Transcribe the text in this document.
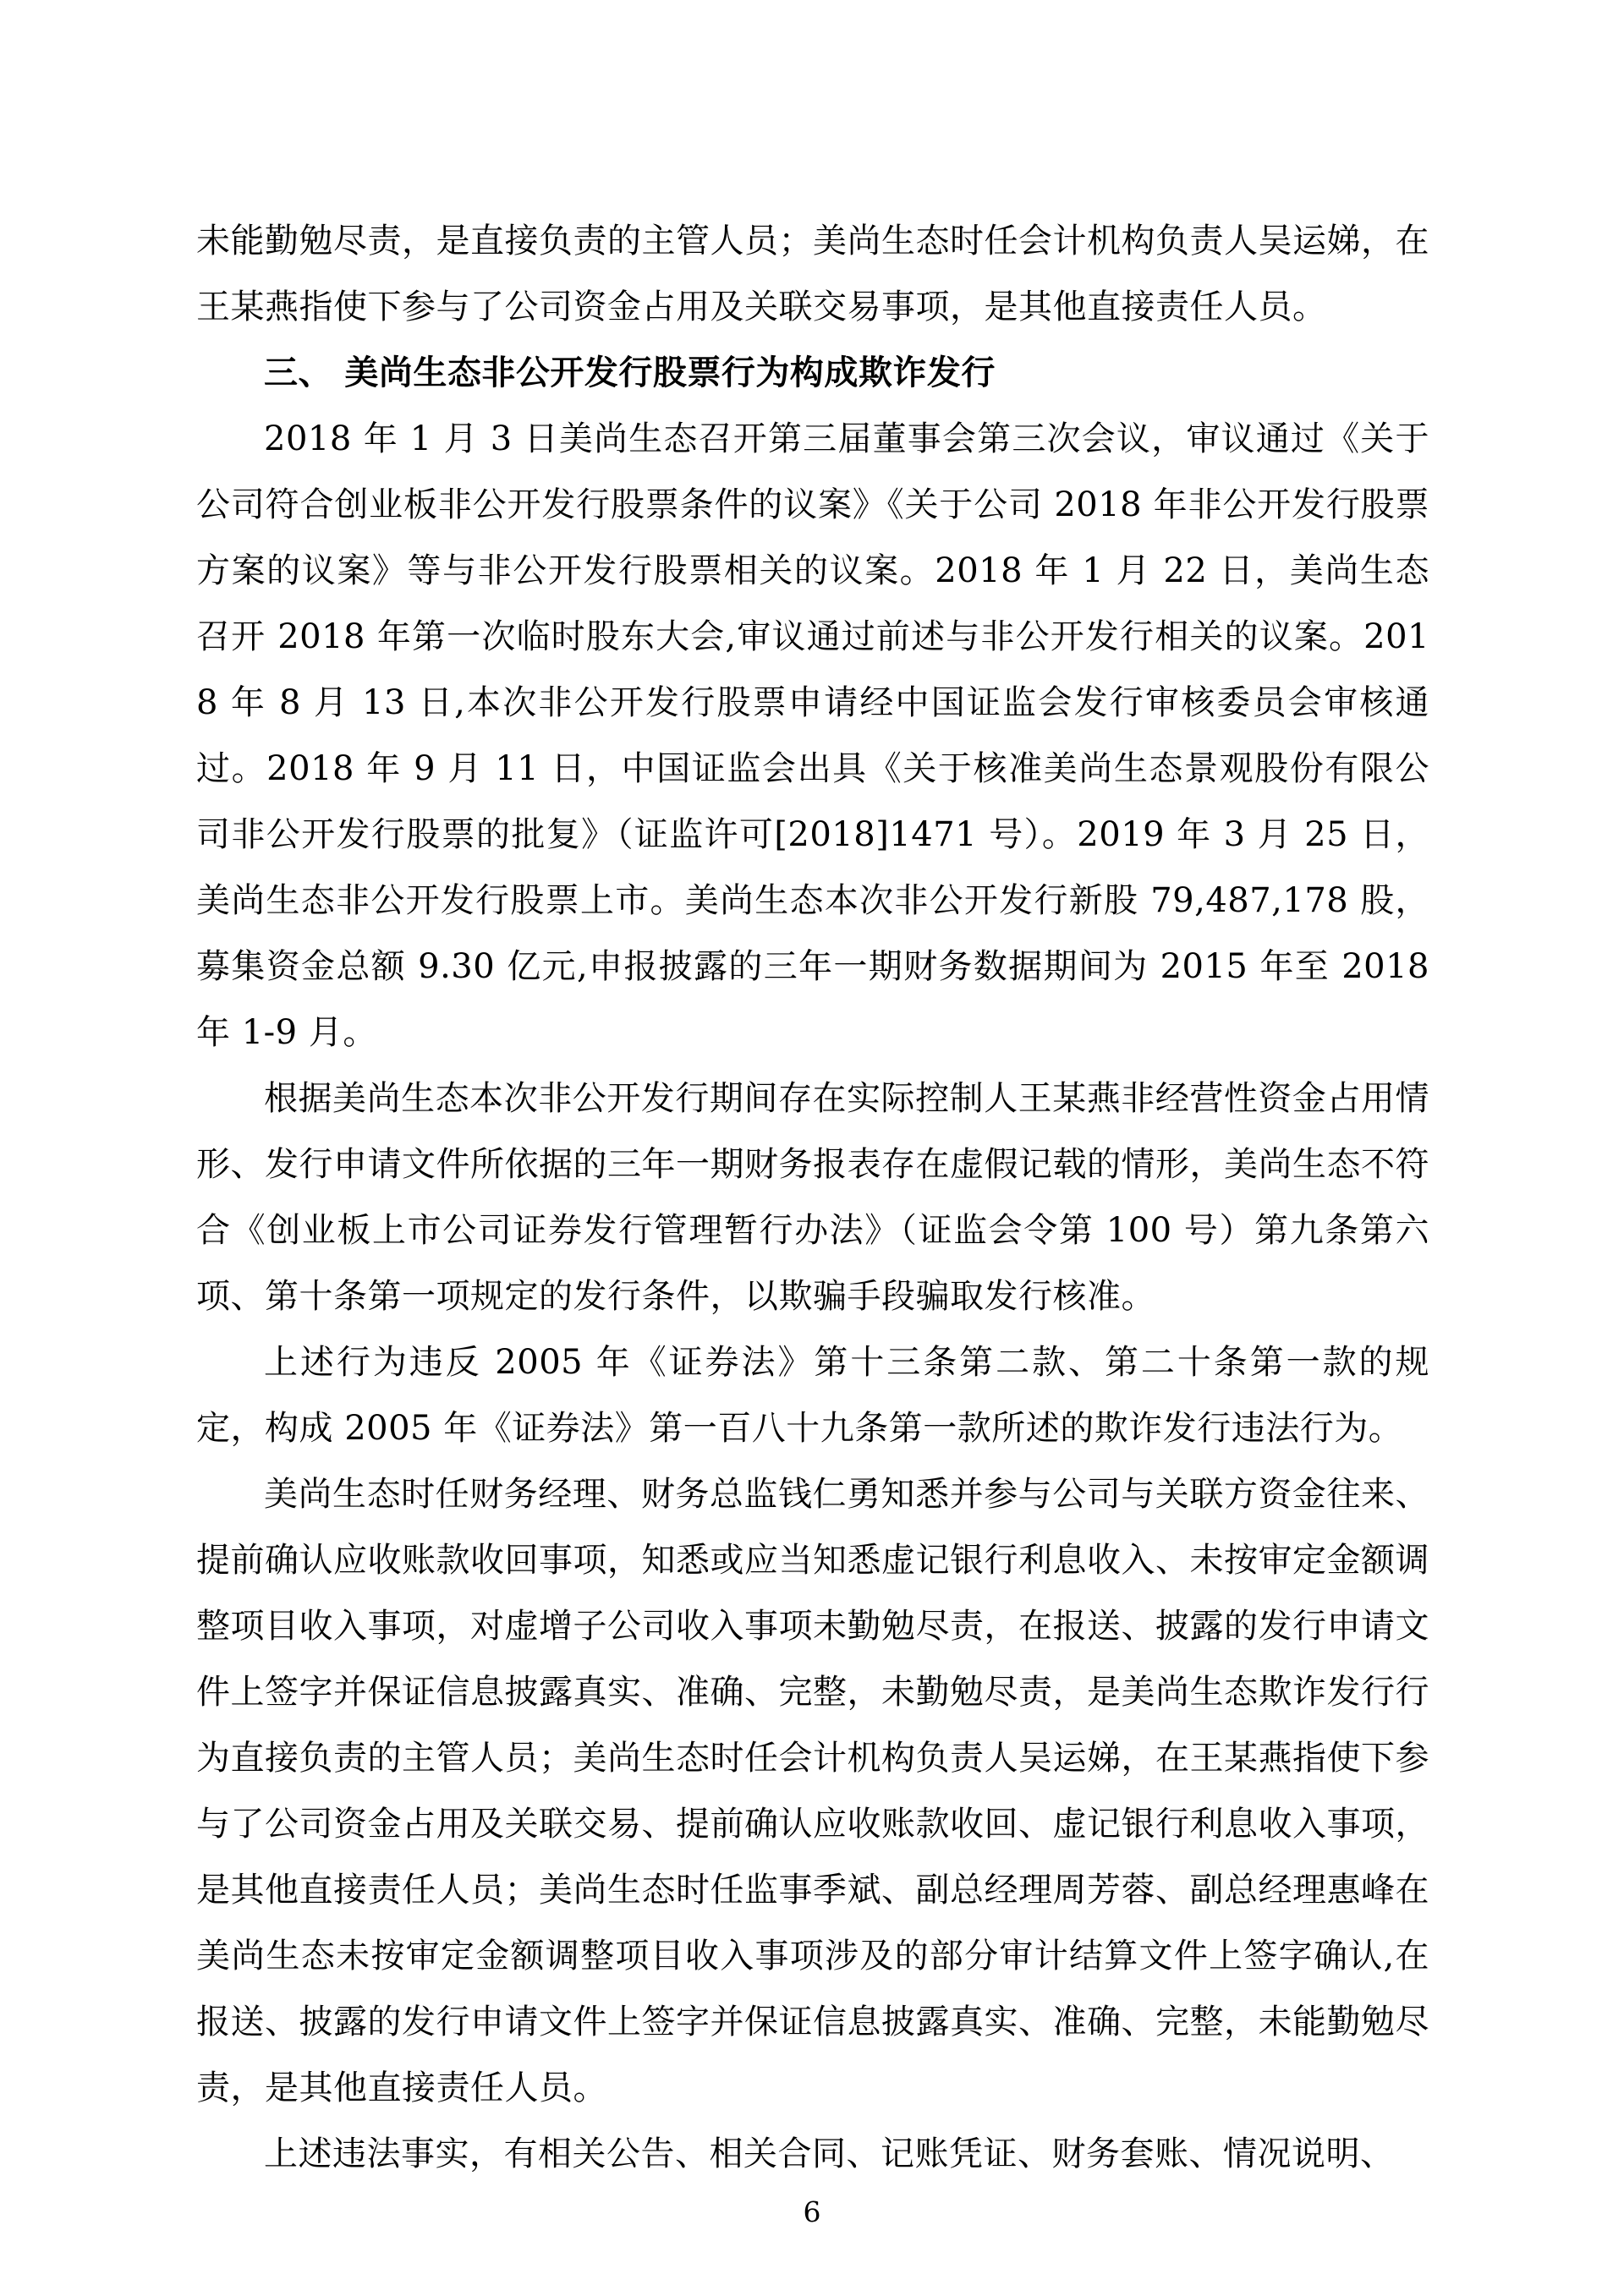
未能勤勉尽责，是直接负责的主管人员；美尚生态时任会计机构负责人吴运娣，在王某燕指使下参与了公司资金占用及关联交易事项，是其他直接责任人员。

三、 美尚生态非公开发行股票行为构成欺诈发行

2018 年 1 月 3 日美尚生态召开第三届董事会第三次会议，审议通过《关于公司符合创业板非公开发行股票条件的议案》《关于公司 2018 年非公开发行股票方案的议案》等与非公开发行股票相关的议案。2018 年 1 月 22 日，美尚生态召开 2018 年第一次临时股东大会,审议通过前述与非公开发行相关的议案。2018 年 8 月 13 日,本次非公开发行股票申请经中国证监会发行审核委员会审核通过。2018 年 9 月 11 日，中国证监会出具《关于核准美尚生态景观股份有限公司非公开发行股票的批复》（证监许可[2018]1471 号）。2019 年 3 月 25 日，美尚生态非公开发行股票上市。美尚生态本次非公开发行新股 79,487,178 股，募集资金总额 9.30 亿元,申报披露的三年一期财务数据期间为 2015 年至 2018 年 1-9 月。

根据美尚生态本次非公开发行期间存在实际控制人王某燕非经营性资金占用情形、发行申请文件所依据的三年一期财务报表存在虚假记载的情形，美尚生态不符合《创业板上市公司证券发行管理暂行办法》（证监会令第 100 号）第九条第六项、第十条第一项规定的发行条件，以欺骗手段骗取发行核准。

上述行为违反 2005 年《证券法》第十三条第二款、第二十条第一款的规定，构成 2005 年《证券法》第一百八十九条第一款所述的欺诈发行违法行为。

美尚生态时任财务经理、财务总监钱仁勇知悉并参与公司与关联方资金往来、提前确认应收账款收回事项，知悉或应当知悉虚记银行利息收入、未按审定金额调整项目收入事项，对虚增子公司收入事项未勤勉尽责，在报送、披露的发行申请文件上签字并保证信息披露真实、准确、完整，未勤勉尽责，是美尚生态欺诈发行行为直接负责的主管人员；美尚生态时任会计机构负责人吴运娣，在王某燕指使下参与了公司资金占用及关联交易、提前确认应收账款收回、虚记银行利息收入事项，是其他直接责任人员；美尚生态时任监事季斌、副总经理周芳蓉、副总经理惠峰在美尚生态未按审定金额调整项目收入事项涉及的部分审计结算文件上签字确认,在报送、披露的发行申请文件上签字并保证信息披露真实、准确、完整，未能勤勉尽责，是其他直接责任人员。

上述违法事实，有相关公告、相关合同、记账凭证、财务套账、情况说明、

6
